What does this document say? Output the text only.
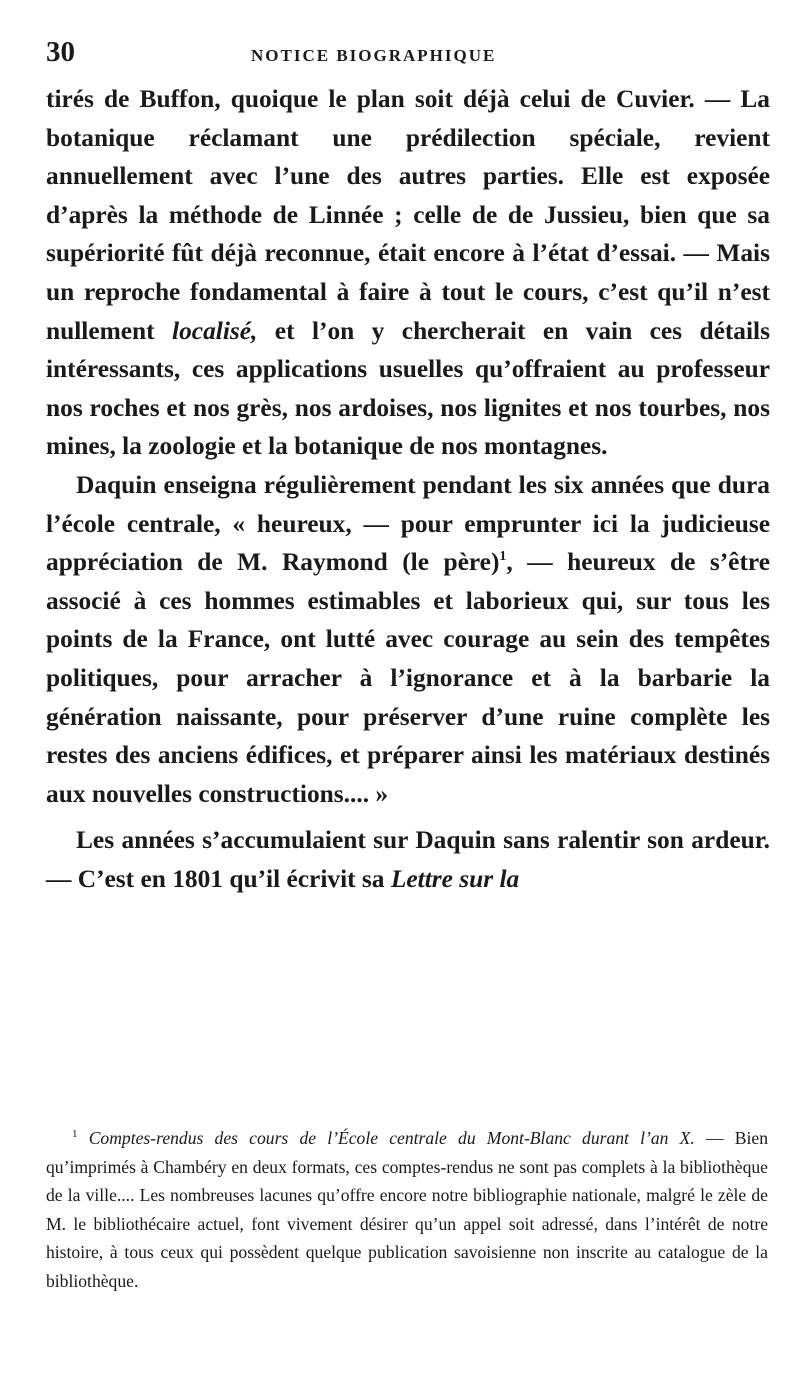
30	NOTICE BIOGRAPHIQUE

tirés de Buffon, quoique le plan soit déjà celui de Cuvier. — La botanique réclamant une prédilection spéciale, revient annuellement avec l’une des autres parties. Elle est exposée d’après la méthode de Linnée ; celle de de Jussieu, bien que sa supériorité fût déjà reconnue, était encore à l’état d’essai. — Mais un reproche fondamental à faire à tout le cours, c’est qu’il n’est nullement localisé, et l’on y chercherait en vain ces détails intéressants, ces applications usuelles qu’offraient au professeur nos roches et nos grès, nos ardoises, nos lignites et nos tourbes, nos mines, la zoologie et la botanique de nos montagnes.

Daquin enseigna régulièrement pendant les six années que dura l’école centrale, « heureux, — pour emprunter ici la judicieuse appréciation de M. Raymond (le père)$^1$, — heureux de s’être associé à ces hommes estimables et laborieux qui, sur tous les points de la France, ont lutté avec courage au sein des tempêtes politiques, pour arracher à l’ignorance et à la barbarie la génération naissante, pour préserver d’une ruine complète les restes des anciens édifices, et préparer ainsi les matériaux destinés aux nouvelles constructions.... »

Les années s’accumulaient sur Daquin sans ralentir son ardeur. — C’est en 1801 qu’il écrivit sa Lettre sur la

$^1$ Comptes-rendus des cours de l’École centrale du Mont-Blanc durant l’an X. — Bien qu’imprimés à Chambéry en deux formats, ces comptes-rendus ne sont pas complets à la bibliothèque de la ville.... Les nombreuses lacunes qu’offre encore notre bibliographie nationale, malgré le zèle de M. le bibliothécaire actuel, font vivement désirer qu’un appel soit adressé, dans l’intérêt de notre histoire, à tous ceux qui possèdent quelque publication savoisienne non inscrite au catalogue de la bibliothèque.
